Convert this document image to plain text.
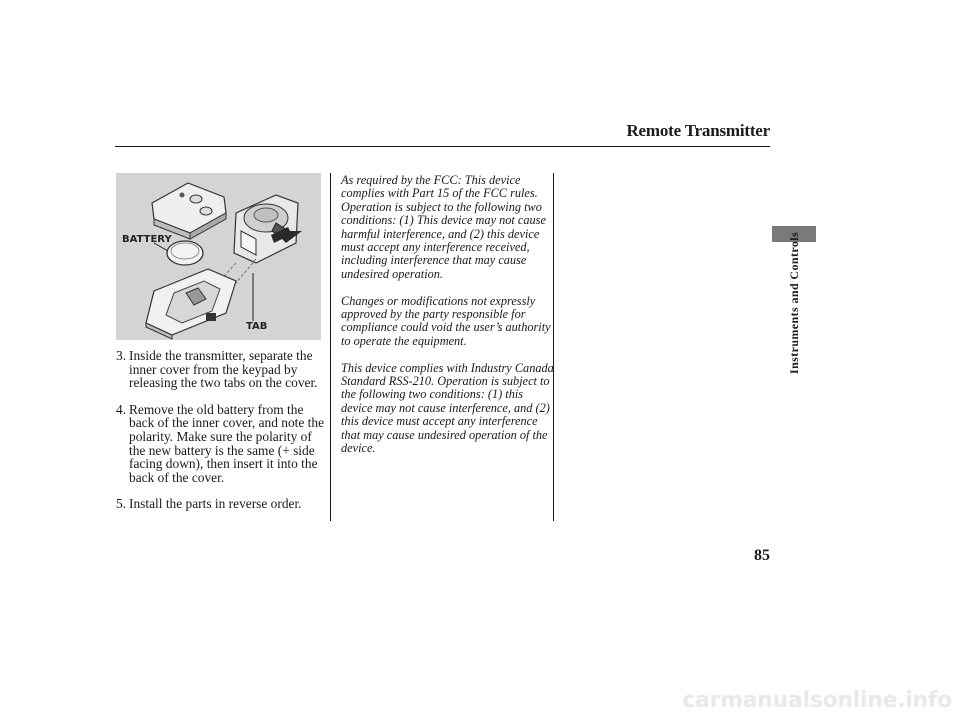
Remote Transmitter
Instruments and Controls
BATTERY
TAB
3. Inside the transmitter, separate the inner cover from the keypad by releasing the two tabs on the cover.
4. Remove the old battery from the back of the inner cover, and note the polarity. Make sure the polarity of the new battery is the same (+ side facing down), then insert it into the back of the cover.
5. Install the parts in reverse order.

As required by the FCC: This device complies with Part 15 of the FCC rules. Operation is subject to the following two conditions: (1) This device may not cause harmful interference, and (2) this device must accept any interference received, including interference that may cause undesired operation.

Changes or modifications not expressly approved by the party responsible for compliance could void the user’s authority to operate the equipment.

This device complies with Industry Canada Standard RSS-210. Operation is subject to the following two conditions: (1) this device may not cause interference, and (2) this device must accept any interference that may cause undesired operation of the device.

85
carmanualsonline.info
